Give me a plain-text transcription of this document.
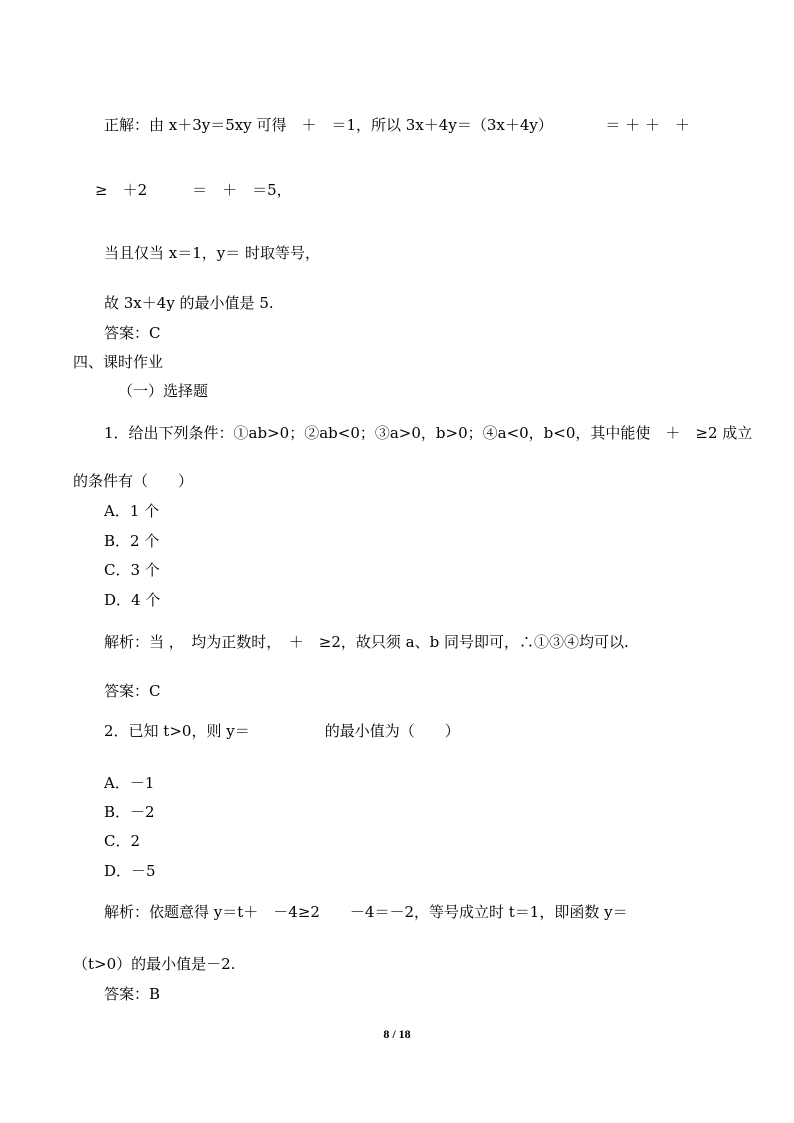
正解：由 x＋3y＝5xy 可得　＋　＝1，所以 3x＋4y＝（3x＋4y）　　　　＝ ＋ ＋　＋
≥　＋2　　　＝　＋　＝5，
当且仅当 x＝1，y＝ 时取等号，
故 3x＋4y 的最小值是 5.
答案：C
四、课时作业
（一）选择题
1．给出下列条件：①ab>0；②ab<0；③a>0，b>0；④a<0，b<0，其中能使　＋　≥2 成立
的条件有（　　）
A．1 个
B．2 个
C．3 个
D．4 个
解析：当 ，　均为正数时，　＋　≥2，故只须 a、b 同号即可，∴①③④均可以.
答案：C
2．已知 t>0，则 y＝　　　　　的最小值为（　　）
A．－1
B．－2
C．2
D．－5
解析：依题意得 y＝t＋　－4≥2　　－4＝－2，等号成立时 t＝1，即函数 y＝
（t>0）的最小值是－2.
答案：B
8 / 18
